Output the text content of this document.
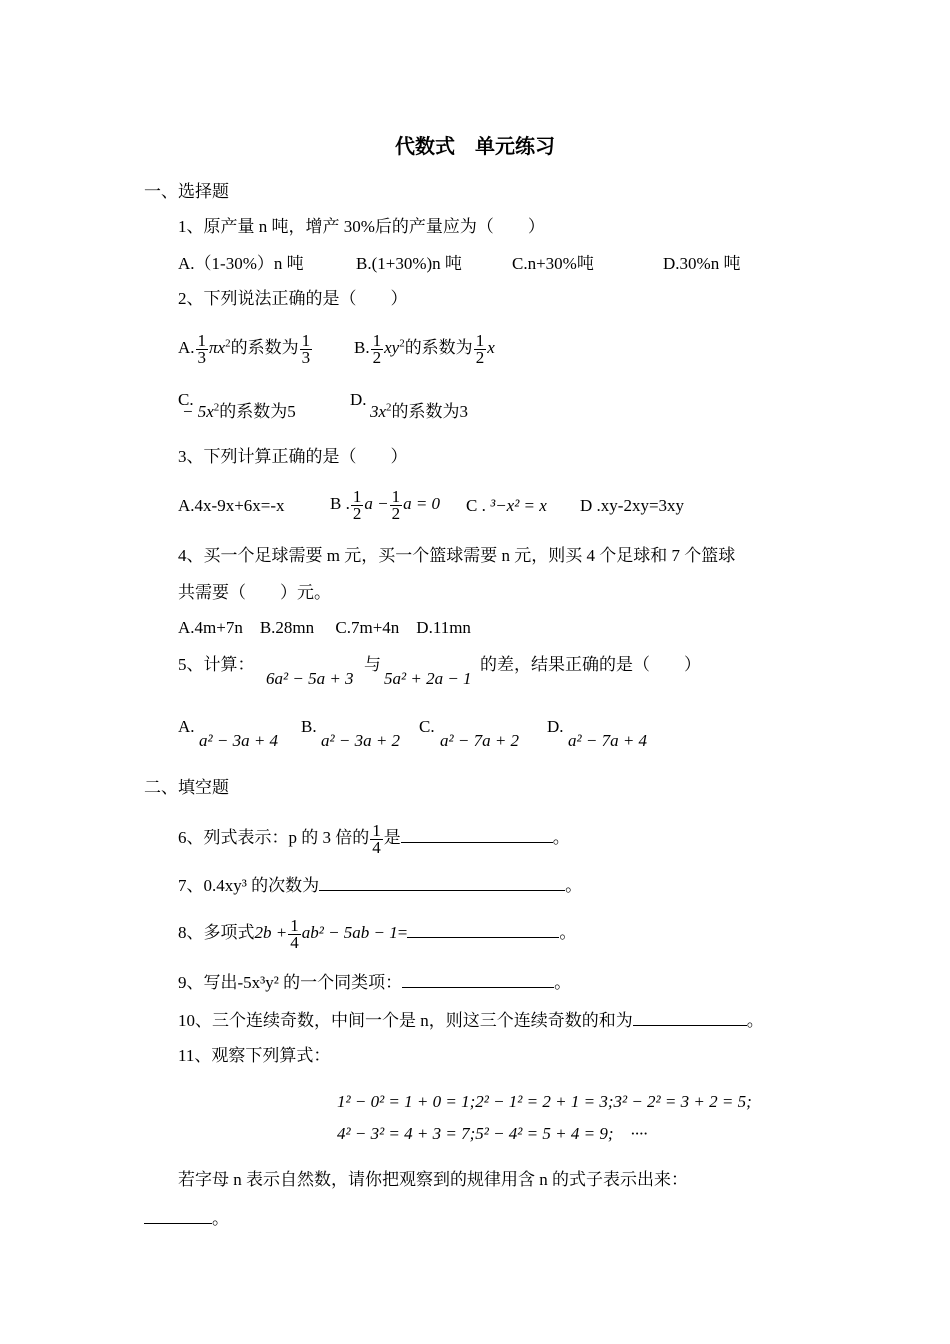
代数式　单元练习
一、选择题
1、原产量 n 吨，增产 30%后的产量应为（　　）
A.（1-30%）n 吨	B.(1+30%)n 吨	C.n+30%吨	D.30%n 吨
2、下列说法正确的是（　　）
A. $\frac{1}{3} \pi x^2$的系数为 $\frac{1}{3} B$. $\frac{1}{2} xy^2$的系数为 $\frac{1}{2}$ x
C.
− $5x^2$的系数为5
D.
$3x^2$的系数为3
3、下列计算正确的是（　　）
A.4x-9x+6x=-x	B . $\frac{1}{2}$ $a - \frac{1}{2}$ a = 0 C . ³−x² = x D .xy-2xy=3xy
4、买一个足球需要 m 元，买一个篮球需要 n 元，则买 4 个足球和 7 个篮球
共需要（　　）元。
A.4m+7n　B.28mn　 C.7m+4n　D.11mn
5、计算：
6a² − 5a + 3
与
5a² + 2a − 1
的差，结果正确的是（　　）
A.
a² − 3a + 4
B.
a² − 3a + 2
C.
a² − 7a + 2
D.
a² − 7a + 4
二、填空题
6、列式表示：p 的 3 倍的 $\frac{1}{4}$ 是	。
7、0.4xy³ 的次数为	。
8、多项式$2b + \frac{1}{4} ab^2 - 5ab - 1=$	。
9、写出-5x³y² 的一个同类项：	。
10、三个连续奇数，中间一个是 n，则这三个连续奇数的和为	。
11、观察下列算式：
1² − 0² = 1 + 0 = 1;2² − 1² = 2 + 1 = 3;3² − 2² = 3 + 2 = 5;
4² − 3² = 4 + 3 = 7;5² − 4² = 5 + 4 = 9;　····
若字母 n 表示自然数，请你把观察到的规律用含 n 的式子表示出来：
。
